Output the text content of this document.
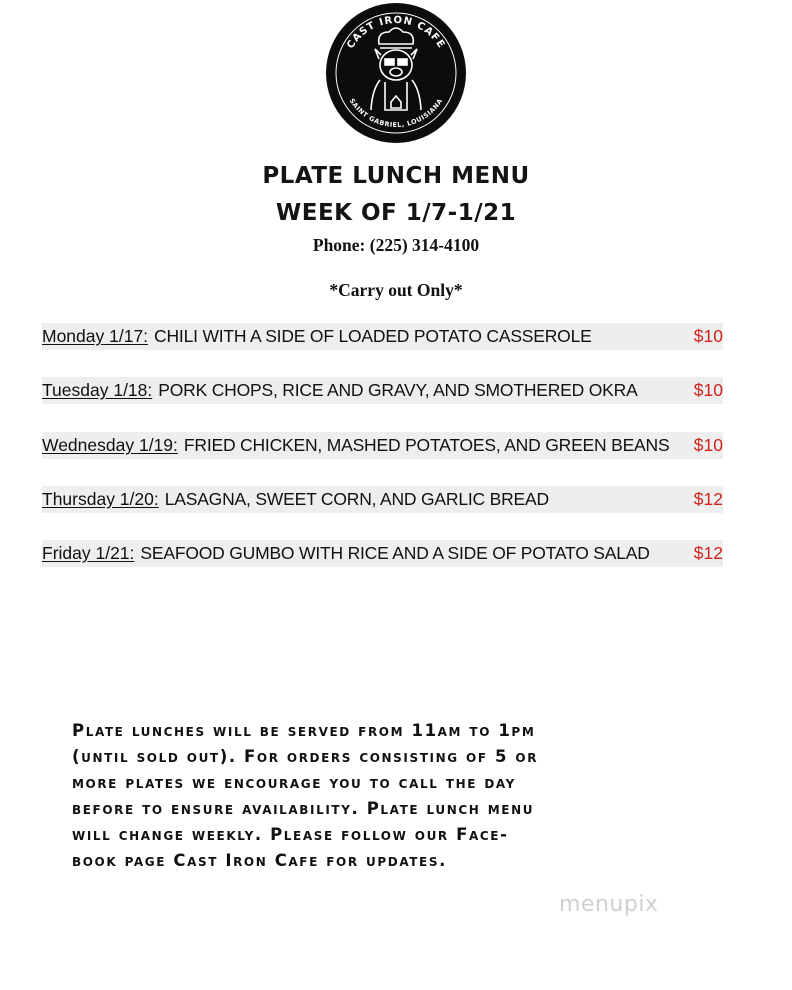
CAST IRON CAFE
SAINT GABRIEL, LOUISIANA
PLATE LUNCH MENU
WEEK OF 1/7-1/21
Phone: (225) 314-4100
*Carry out Only*
Monday 1/17: CHILI WITH A SIDE OF LOADED POTATO CASSEROLE	$10
Tuesday 1/18: PORK CHOPS, RICE AND GRAVY, AND SMOTHERED OKRA	$10
Wednesday 1/19: FRIED CHICKEN, MASHED POTATOES, AND GREEN BEANS	$10
Thursday 1/20: LASAGNA, SWEET CORN, AND GARLIC BREAD	$12
Friday 1/21: SEAFOOD GUMBO WITH RICE AND A SIDE OF POTATO SALAD	$12
Plate lunches will be served from 11am to 1pm
(until sold out). For orders consisting of 5 or
more plates we encourage you to call the day
before to ensure availability. Plate lunch menu
will change weekly. Please follow our Face-
book page Cast Iron Cafe for updates.
menupix
